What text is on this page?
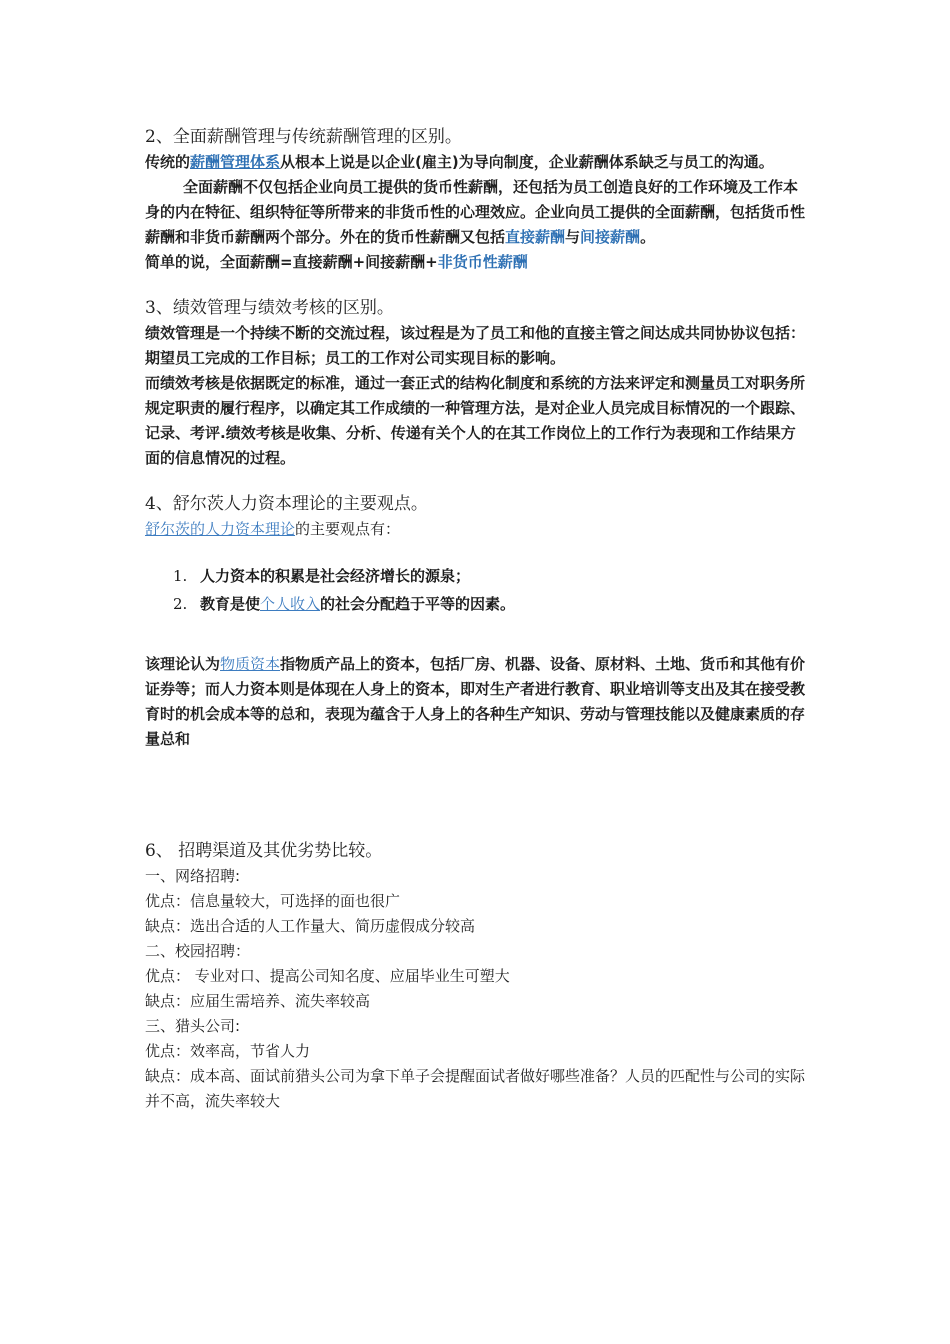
2、全面薪酬管理与传统薪酬管理的区别。

传统的薪酬管理体系从根本上说是以企业(雇主)为导向制度，企业薪酬体系缺乏与员工的沟通。

全面薪酬不仅包括企业向员工提供的货币性薪酬，还包括为员工创造良好的工作环境及工作本身的内在特征、组织特征等所带来的非货币性的心理效应。企业向员工提供的全面薪酬，包括货币性薪酬和非货币薪酬两个部分。外在的货币性薪酬又包括直接薪酬与间接薪酬。

简单的说，全面薪酬=直接薪酬+间接薪酬+非货币性薪酬

3、绩效管理与绩效考核的区别。

绩效管理是一个持续不断的交流过程，该过程是为了员工和他的直接主管之间达成共同协协议包括：期望员工完成的工作目标；员工的工作对公司实现目标的影响。

而绩效考核是依据既定的标准，通过一套正式的结构化制度和系统的方法来评定和测量员工对职务所规定职责的履行程序，以确定其工作成绩的一种管理方法，是对企业人员完成目标情况的一个跟踪、记录、考评.绩效考核是收集、分析、传递有关个人的在其工作岗位上的工作行为表现和工作结果方面的信息情况的过程。

4、舒尔茨人力资本理论的主要观点。

舒尔茨的人力资本理论的主要观点有：

1. 人力资本的积累是社会经济增长的源泉；
2. 教育是使个人收入的社会分配趋于平等的因素。

该理论认为物质资本指物质产品上的资本，包括厂房、机器、设备、原材料、土地、货币和其他有价证券等；而人力资本则是体现在人身上的资本，即对生产者进行教育、职业培训等支出及其在接受教育时的机会成本等的总和，表现为蕴含于人身上的各种生产知识、劳动与管理技能以及健康素质的存量总和

6、 招聘渠道及其优劣势比较。

一、网络招聘:

优点：信息量较大，可选择的面也很广

缺点：选出合适的人工作量大、简历虚假成分较高

二、校园招聘：

优点： 专业对口、提高公司知名度、应届毕业生可塑大

缺点：应届生需培养、流失率较高

三、猎头公司:

优点：效率高，节省人力

缺点：成本高、面试前猎头公司为拿下单子会提醒面试者做好哪些准备？人员的匹配性与公司的实际并不高，流失率较大
